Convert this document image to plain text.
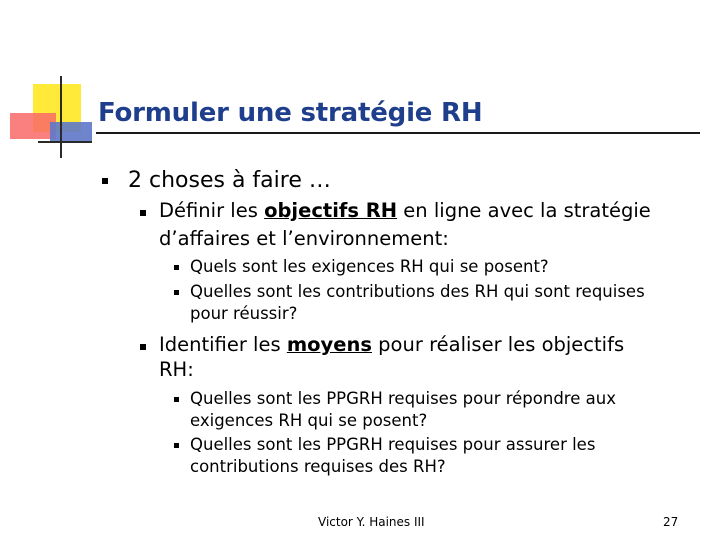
Formuler une stratégie RH
2 choses à faire …
Définir les objectifs RH en ligne avec la stratégie
d’affaires et l’environnement:
Quels sont les exigences RH qui se posent?
Quelles sont les contributions des RH qui sont requises
pour réussir?
Identifier les moyens pour réaliser les objectifs
RH:
Quelles sont les PPGRH requises pour répondre aux
exigences RH qui se posent?
Quelles sont les PPGRH requises pour assurer les
contributions requises des RH?
Victor Y. Haines III	27
